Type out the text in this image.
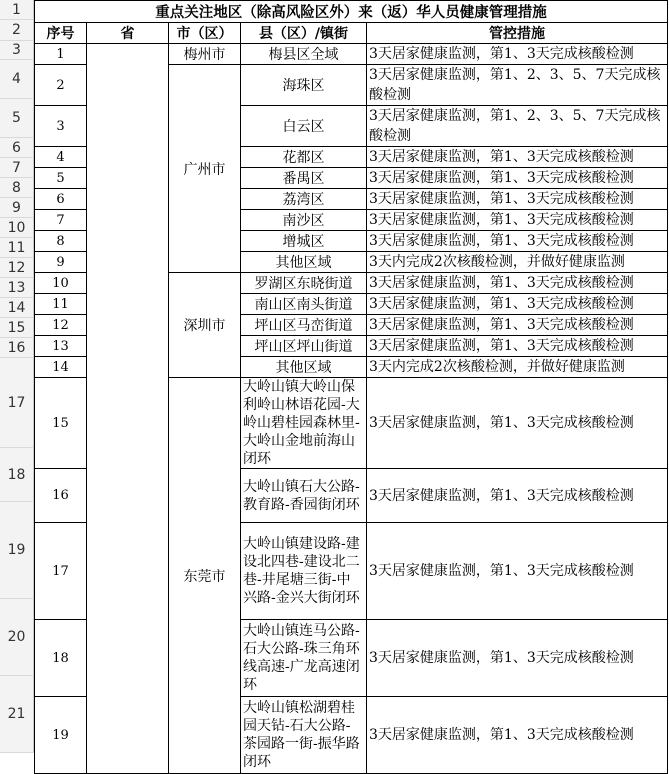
1
2
3
4
5
6
7
8
9
10
11
12
13
14
15
16
17
18
19
20
21
重点关注地区（除高风险区外）来（返）华人员健康管理措施				
序号	省	市（区）	县（区）/镇街	管控措施
1		梅州市	梅县区全域	3天居家健康监测，第1、3天完成核酸检测
2		广州市	海珠区	3天居家健康监测，第1、2、3、5、7天完成核酸检测
3			白云区	3天居家健康监测，第1、2、3、5、7天完成核酸检测
4			花都区	3天居家健康监测，第1、3天完成核酸检测
5			番禺区	3天居家健康监测，第1、3天完成核酸检测
6			荔湾区	3天居家健康监测，第1、3天完成核酸检测
7			南沙区	3天居家健康监测，第1、3天完成核酸检测
8			增城区	3天居家健康监测，第1、3天完成核酸检测
9			其他区域	3天内完成2次核酸检测，并做好健康监测
10		深圳市	罗湖区东晓街道	3天居家健康监测，第1、3天完成核酸检测
11			南山区南头街道	3天居家健康监测，第1、3天完成核酸检测
12			坪山区马峦街道	3天居家健康监测，第1、3天完成核酸检测
13			坪山区坪山街道	3天居家健康监测，第1、3天完成核酸检测
14			其他区域	3天内完成2次核酸检测，并做好健康监测
15		东莞市	大岭山镇大岭山保利岭山林语花园-大岭山碧桂园森林里-大岭山金地前海山闭环	3天居家健康监测，第1、3天完成核酸检测
16			大岭山镇石大公路-教育路-香园街闭环	3天居家健康监测，第1、3天完成核酸检测
17			大岭山镇建设路-建设北四巷-建设北二巷-井尾塘三街-中兴路-金兴大街闭环	3天居家健康监测，第1、3天完成核酸检测
18			大岭山镇连马公路-石大公路-珠三角环线高速-广龙高速闭环	3天居家健康监测，第1、3天完成核酸检测
19			大岭山镇松湖碧桂园天钻-石大公路-茶园路一街-振华路闭环	3天居家健康监测，第1、3天完成核酸检测
